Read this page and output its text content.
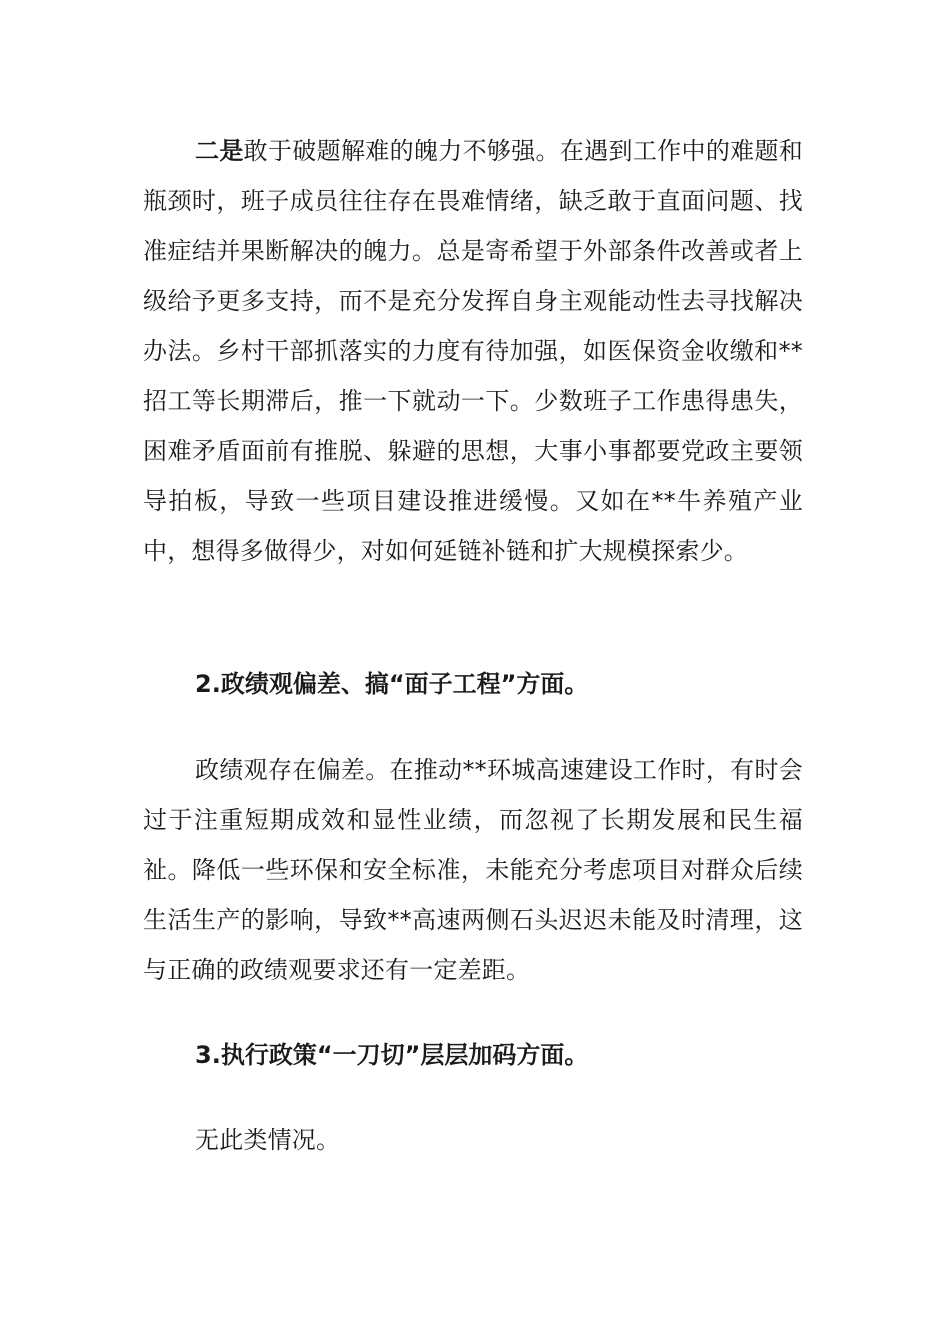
二是敢于破题解难的魄力不够强。在遇到工作中的难题和瓶颈时，班子成员往往存在畏难情绪，缺乏敢于直面问题、找准症结并果断解决的魄力。总是寄希望于外部条件改善或者上级给予更多支持，而不是充分发挥自身主观能动性去寻找解决办法。乡村干部抓落实的力度有待加强，如医保资金收缴和**招工等长期滞后，推一下就动一下。少数班子工作患得患失，困难矛盾面前有推脱、躲避的思想，大事小事都要党政主要领导拍板，导致一些项目建设推进缓慢。又如在**牛养殖产业中，想得多做得少，对如何延链补链和扩大规模探索少。

2.政绩观偏差、搞“面子工程”方面。

政绩观存在偏差。在推动**环城高速建设工作时，有时会过于注重短期成效和显性业绩，而忽视了长期发展和民生福祉。降低一些环保和安全标准，未能充分考虑项目对群众后续生活生产的影响，导致**高速两侧石头迟迟未能及时清理，这与正确的政绩观要求还有一定差距。

3.执行政策“一刀切”层层加码方面。

无此类情况。
